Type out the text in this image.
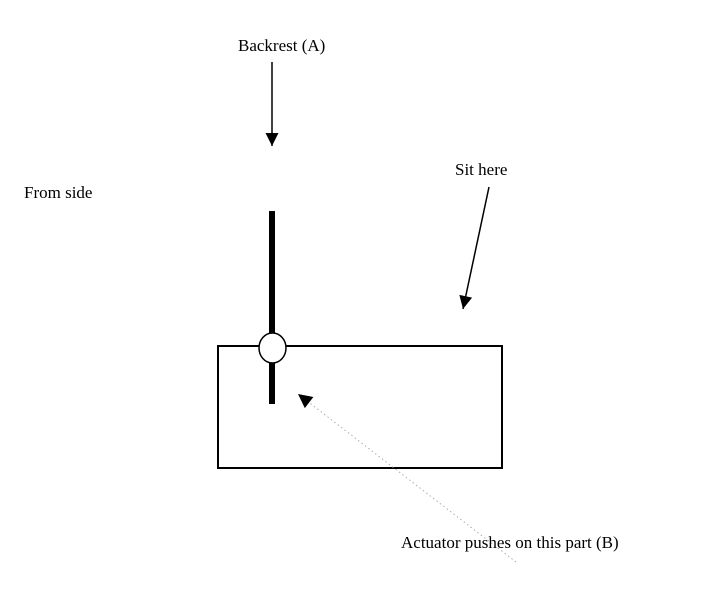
Backrest (A)
From side
Sit here
Actuator pushes on this part (B)
